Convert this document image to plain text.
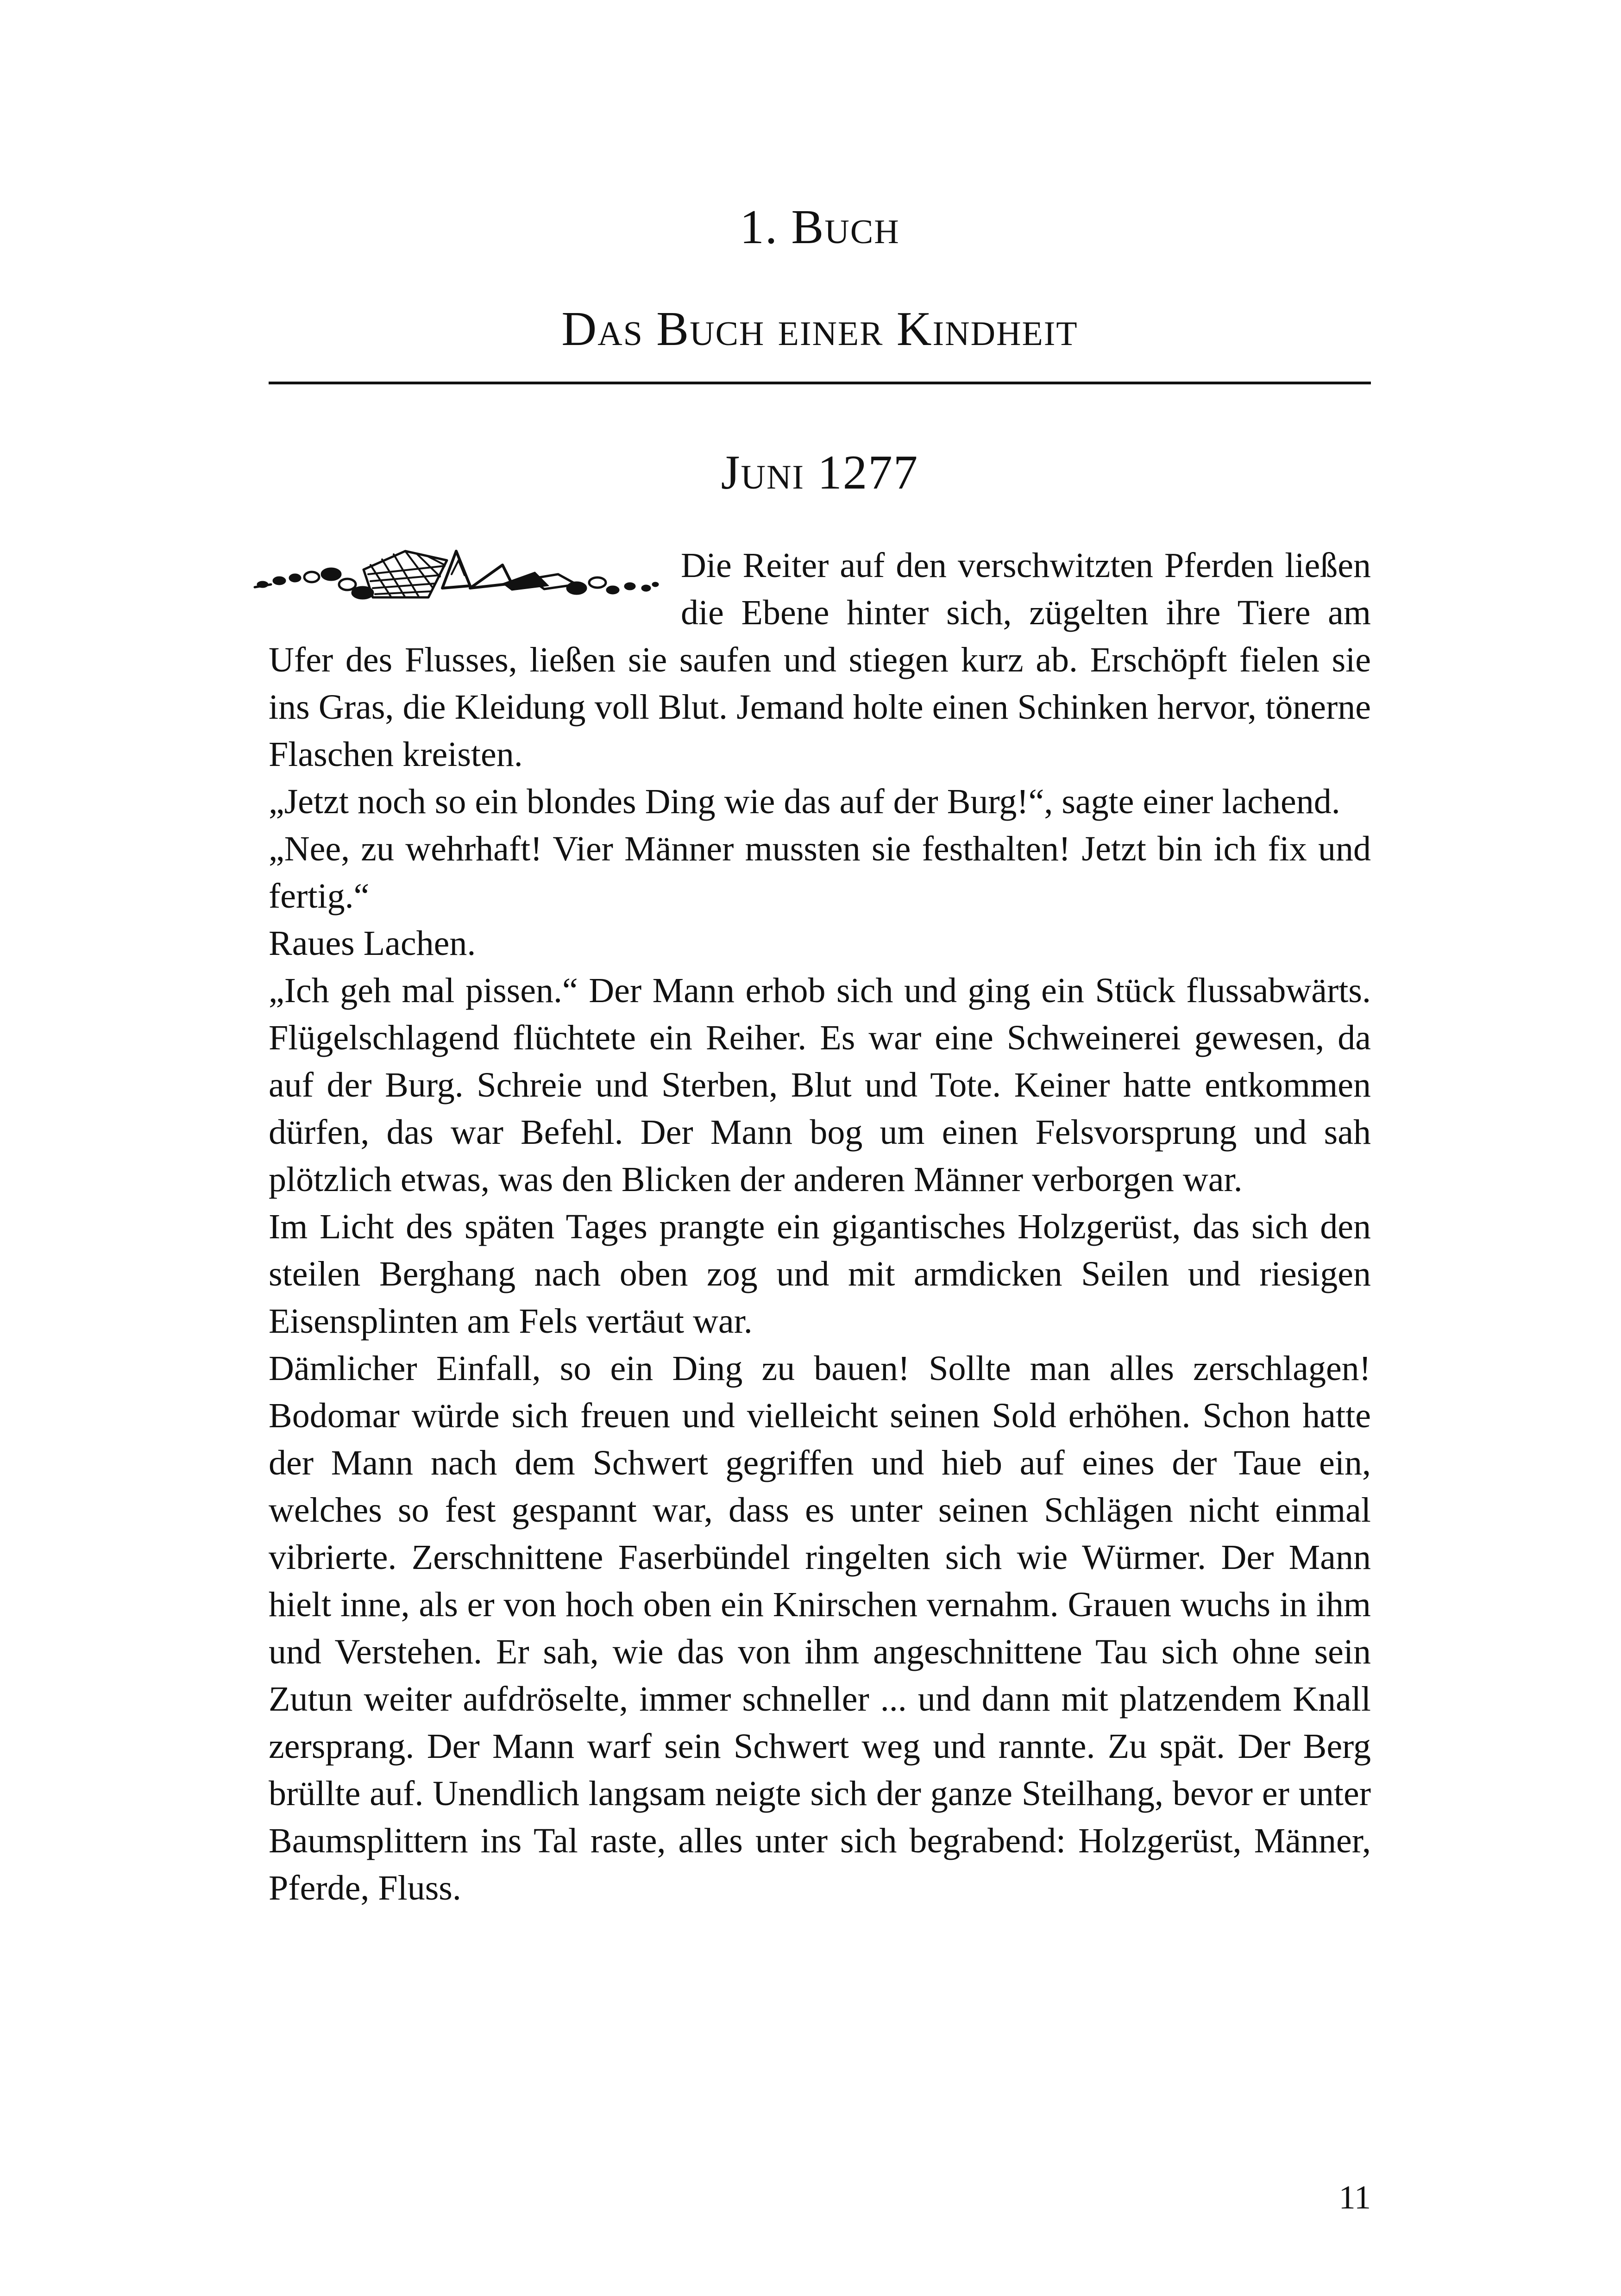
1. Buch
Das Buch einer Kindheit
Juni 1277

Die Reiter auf den verschwitzten Pferden ließen die Ebene hinter sich, zügelten ihre Tiere am Ufer des Flusses, ließen sie saufen und stiegen kurz ab. Erschöpft fielen sie ins Gras, die Kleidung voll Blut. Jemand holte einen Schinken hervor, tönerne Flaschen kreisten.

„Jetzt noch so ein blondes Ding wie das auf der Burg!“, sagte einer lachend.

„Nee, zu wehrhaft! Vier Männer mussten sie festhalten! Jetzt bin ich fix und fertig.“

Raues Lachen.

„Ich geh mal pissen.“ Der Mann erhob sich und ging ein Stück flussabwärts. Flügelschlagend flüchtete ein Reiher. Es war eine Schweinerei gewesen, da auf der Burg. Schreie und Sterben, Blut und Tote. Keiner hatte entkommen dürfen, das war Befehl. Der Mann bog um einen Felsvorsprung und sah plötzlich etwas, was den Blicken der anderen Männer verborgen war.

Im Licht des späten Tages prangte ein gigantisches Holzgerüst, das sich den steilen Berghang nach oben zog und mit armdicken Seilen und riesigen Eisensplinten am Fels vertäut war.

Dämlicher Einfall, so ein Ding zu bauen! Sollte man alles zerschlagen! Bodomar würde sich freuen und vielleicht seinen Sold erhöhen. Schon hatte der Mann nach dem Schwert gegriffen und hieb auf eines der Taue ein, welches so fest gespannt war, dass es unter seinen Schlägen nicht einmal vibrierte. Zerschnittene Faserbündel ringelten sich wie Würmer. Der Mann hielt inne, als er von hoch oben ein Knirschen vernahm. Grauen wuchs in ihm und Verstehen. Er sah, wie das von ihm angeschnittene Tau sich ohne sein Zutun weiter aufdröselte, immer schneller ... und dann mit platzendem Knall zersprang. Der Mann warf sein Schwert weg und rannte. Zu spät. Der Berg brüllte auf. Unendlich langsam neigte sich der ganze Steilhang, bevor er unter Baumsplittern ins Tal raste, alles unter sich begrabend: Holzgerüst, Männer, Pferde, Fluss.

11
